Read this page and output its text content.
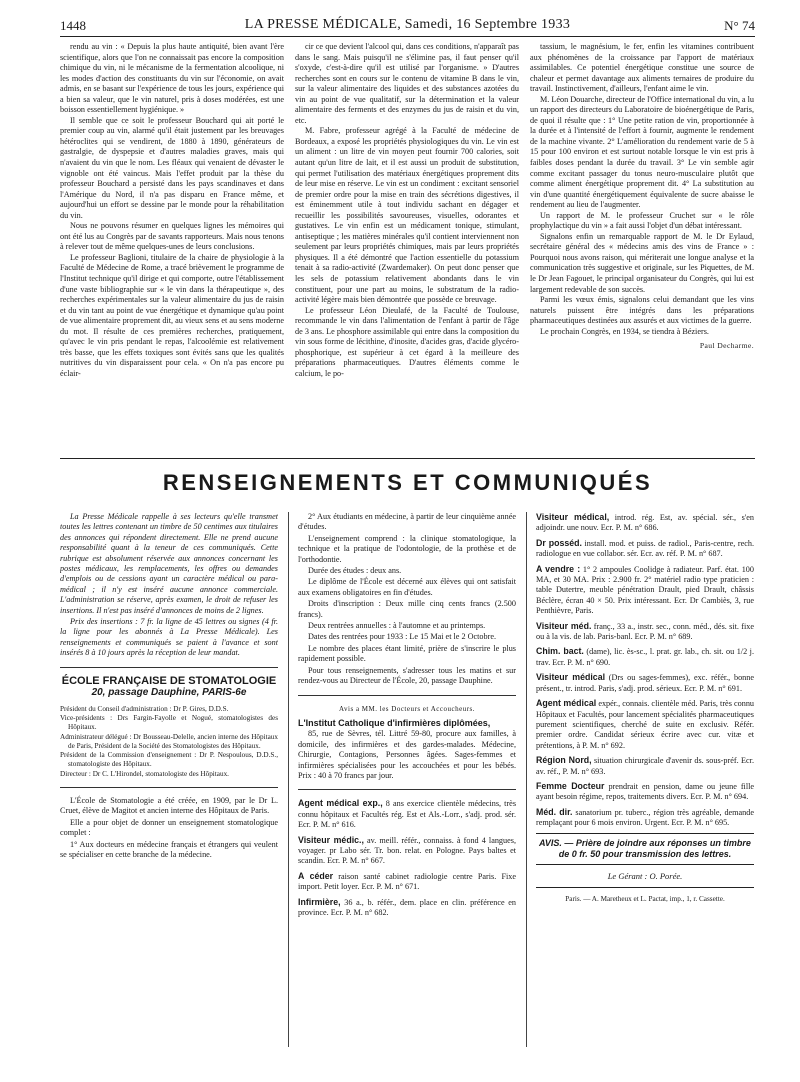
1448	LA PRESSE MÉDICALE, Samedi, 16 Septembre 1933	N° 74

rendu au vin : « Depuis la plus haute antiquité, bien avant l'ère scientifique, alors que l'on ne connaissait pas encore la composition chimique du vin, ni le mécanisme de la fermentation alcoolique, ni les modes d'action des constituants du vin sur l'économie, on avait admis, en se basant sur l'expérience de tous les jours, expérience qui a bien sa valeur, que le vin naturel, pris à doses modérées, est une boisson essentiellement hygiénique. »

Il semble que ce soit le professeur Bouchard qui ait porté le premier coup au vin, alarmé qu'il était justement par les breuvages hétéroclites qui se vendirent, de 1880 à 1890, générateurs de gastralgie, de dyspepsie et d'autres maladies graves, mais qui n'avaient du vin que le nom. Les fléaux qui venaient de dévaster le vignoble ont été vaincus. Mais l'effet produit par la thèse du professeur Bouchard a persisté dans les pays scandinaves et dans l'Amérique du Nord, il n'a pas disparu en France même, et aujourd'hui un effort se dessine par le monde pour la réhabilitation du vin.

Nous ne pouvons résumer en quelques lignes les mémoires qui ont été lus au Congrès par de savants rapporteurs. Mais nous tenons à relever tout de même quelques-unes de leurs conclusions.

Le professeur Baglioni, titulaire de la chaire de physiologie à la Faculté de Médecine de Rome, a tracé brièvement le programme de l'Institut technique qu'il dirige et qui comporte, outre l'établissement d'une vaste bibliographie sur « le vin dans la thérapeutique », des recherches expérimentales sur la valeur alimentaire du jus de raisin et du vin tant au point de vue énergétique et dynamique qu'au point de vue alimentaire proprement dit, au vieux sens et au sens moderne du mot. Il résulte de ces premières recherches, pratiquement, qu'avec le vin pris pendant le repas, l'alcoolémie est relativement très basse, que les effets toxiques sont évités sans que les qualités nutritives du vin disparaissent pour cela. « On n'a pas encore pu éclair-

cir ce que devient l'alcool qui, dans ces conditions, n'apparaît pas dans le sang. Mais puisqu'il ne s'élimine pas, il faut penser qu'il s'oxyde, c'est-à-dire qu'il est utilisé par l'organisme. » D'autres recherches sont en cours sur le contenu de vitamine B dans le vin, sur la valeur alimentaire des liquides et des substances azotées du vin au point de vue qualitatif, sur la détermination et la valeur alimentaire des ferments et des enzymes du jus de raisin et du vin, etc.

M. Fabre, professeur agrégé à la Faculté de médecine de Bordeaux, a exposé les propriétés physiologiques du vin. Le vin est un aliment : un litre de vin moyen peut fournir 700 calories, soit autant qu'un litre de lait, et il est aussi un produit de substitution, qui permet l'utilisation des matériaux énergétiques proprement dits de leur mise en réserve. Le vin est un condiment : excitant sensoriel de premier ordre pour la mise en train des sécrétions digestives, il est éminemment utile à tout individu sachant en dégager et recueillir les possibilités savoureuses, visuelles, odorantes et gustatives. Le vin enfin est un médicament tonique, stimulant, antiseptique ; les matières minérales qu'il contient interviennent non seulement par leurs propriétés chimiques, mais par leurs propriétés physiques. Il a été démontré que l'action essentielle du potassium tenait à sa radio-activité (Zwardemaker). On peut donc penser que les sels de potassium relativement abondants dans le vin constituent, pour une part au moins, le substratum de la radio-activité légère mais bien démontrée que possède ce breuvage.

Le professeur Léon Dieulafé, de la Faculté de Toulouse, recommande le vin dans l'alimentation de l'enfant à partir de l'âge de 3 ans. Le phosphore assimilable qui entre dans la composition du vin sous forme de lécithine, d'inosite, d'acides gras, d'acide glycéro-phosphorique, est supérieur à cet égard à la meilleure des préparations pharmaceutiques. D'autres éléments comme le calcium, le po-

tassium, le magnésium, le fer, enfin les vitamines contribuent aux phénomènes de la croissance par l'apport de matériaux assimilables. Ce potentiel énergétique constitue une source de chaleur et permet davantage aux aliments ternaires de produire du travail. Instinctivement, d'ailleurs, l'enfant aime le vin.

M. Léon Douarche, directeur de l'Office international du vin, a lu un rapport des directeurs du Laboratoire de bioénergétique de Paris, de quoi il résulte que : 1° Une petite ration de vin, proportionnée à la durée et à l'intensité de l'effort à fournir, augmente le rendement de la machine vivante. 2° L'amélioration du rendement varie de 5 à 15 pour 100 environ et est surtout notable lorsque le vin est pris à faibles doses pendant la durée du travail. 3° Le vin semble agir comme excitant passager du tonus neuro-musculaire plutôt que comme aliment énergétique proprement dit. 4° La substitution au vin d'une quantité énergétiquement équivalente de sucre abaisse le rendement au lieu de l'augmenter.

Un rapport de M. le professeur Cruchet sur « le rôle prophylactique du vin » a fait aussi l'objet d'un débat intéressant.

Signalons enfin un remarquable rapport de M. le Dr Eylaud, secrétaire général des « médecins amis des vins de France » : Pourquoi nous avons raison, qui mériterait une longue analyse et la communication très suggestive et originale, sur les Piquettes, de M. le Dr Jean Fagouet, le principal organisateur du Congrès, qui lui est largement redevable de son succès.

Parmi les vœux émis, signalons celui demandant que les vins naturels puissent être intégrés dans les préparations pharmaceutiques destinées aux assurés et aux victimes de la guerre.

Le prochain Congrès, en 1934, se tiendra à Béziers.

Paul Decharme.

RENSEIGNEMENTS ET COMMUNIQUÉS

La Presse Médicale rappelle à ses lecteurs qu'elle transmet toutes les lettres contenant un timbre de 50 centimes aux titulaires des annonces qui répondent directement. Elle ne prend aucune responsabilité quant à la teneur de ces communiqués. Cette rubrique est absolument réservée aux annonces concernant les postes médicaux, les remplacements, les offres ou demandes d'emplois ou de cessions ayant un caractère médical ou para-médical ; il n'y est inséré aucune annonce commerciale. L'administration se réserve, après examen, le droit de refuser les insertions. Il n'est pas inséré d'annonces de moins de 2 lignes.

Prix des insertions : 7 fr. la ligne de 45 lettres ou signes (4 fr. la ligne pour les abonnés à La Presse Médicale). Les renseignements et communiqués se paient à l'avance et sont insérés 8 à 10 jours après la réception de leur mandat.

ÉCOLE FRANÇAISE DE STOMATOLOGIE
20, passage Dauphine, PARIS-6e

Président du Conseil d'administration : Dr P. Gires, D.D.S.

Vice-présidents : Drs Fargin-Fayolle et Nogué, stomatologistes des Hôpitaux.

Administrateur délégué : Dr Bousseau-Delelle, ancien interne des Hôpitaux de Paris, Président de la Société des Stomatologistes des Hôpitaux.

Président de la Commission d'enseignement : Dr P. Nespoulous, D.D.S., stomatologiste des Hôpitaux.

Directeur : Dr C. L'Hirondel, stomatologiste des Hôpitaux.

L'École de Stomatologie a été créée, en 1909, par le Dr L. Cruet, élève de Magitot et ancien interne des Hôpitaux de Paris.

Elle a pour objet de donner un enseignement stomatologique complet :

1° Aux docteurs en médecine français et étrangers qui veulent se spécialiser en cette branche de la médecine.

2° Aux étudiants en médecine, à partir de leur cinquième année d'études.

L'enseignement comprend : la clinique stomatologique, la technique et la pratique de l'odontologie, de la prothèse et de l'orthodontie.

Durée des études : deux ans.

Le diplôme de l'École est décerné aux élèves qui ont satisfait aux examens obligatoires en fin d'études.

Droits d'inscription : Deux mille cinq cents francs (2.500 francs).

Deux rentrées annuelles : à l'automne et au printemps.

Dates des rentrées pour 1933 : Le 15 Mai et le 2 Octobre.

Le nombre des places étant limité, prière de s'inscrire le plus rapidement possible.

Pour tous renseignements, s'adresser tous les matins et sur rendez-vous au Directeur de l'École, 20, passage Dauphine.

Avis a MM. les Docteurs et Accoucheurs.

L'Institut Catholique d'infirmières diplômées,

85, rue de Sèvres, tél. Littré 59-80, procure aux familles, à domicile, des infirmières et des gardes-malades. Médecine, Chirurgie, Contagions, Personnes âgées. Sages-femmes et infirmières spécialisées pour les accouchées et pour les bébés. Prix : 40 à 70 francs par jour.

Agent médical exp., 8 ans exercice clientèle médecins, très connu hôpitaux et Facultés rég. Est et Als.-Lorr., s'adj. prod. sér. Ecr. P. M. n° 616.

Visiteur médic., av. meill. référ., connaiss. à fond 4 langues, voyager. pr Labo sér. Tr. bon. relat. en Pologne. Pays baltes et scandin. Ecr. P. M. n° 667.

A céder raison santé cabinet radiologie centre Paris. Fixe import. Petit loyer. Ecr. P. M. n° 671.

Infirmière, 36 a., b. référ., dem. place en clin. préférence en province. Ecr. P. M. n° 682.

Visiteur médical, introd. rég. Est, av. spécial. sér., s'en adjoindr. une nouv. Ecr. P. M. n° 686.

Dr posséd. install. mod. et puiss. de radiol., Paris-centre, rech. radiologue en vue collabor. sér. Ecr. av. réf. P. M. n° 687.

A vendre : 1° 2 ampoules Coolidge à radiateur. Parf. état. 100 MA, et 30 MA. Prix : 2.900 fr. 2° matériel radio type praticien : table Dutertre, meuble pénétration Drault, pied Drault, châssis Béclère, écran 40 × 50. Prix intéressant. Ecr. Dr Cambiès, 3, rue Penthièvre, Paris.

Visiteur méd. franç., 33 a., instr. sec., conn. méd., dés. sit. fixe ou à la vis. de lab. Paris-banl. Ecr. P. M. n° 689.

Chim. bact. (dame), lic. ès-sc., l. prat. gr. lab., ch. sit. ou 1/2 j. trav. Ecr. P. M. n° 690.

Visiteur médical (Drs ou sages-femmes), exc. référ., bonne présent., tr. introd. Paris, s'adj. prod. sérieux. Ecr. P. M. n° 691.

Agent médical expér., connais. clientèle méd. Paris, très connu Hôpitaux et Facultés, pour lancement spécialités pharmaceutiques purement scientifiques, cherché de suite en exclusiv. Référ. premier ordre. Candidat sérieux écrire avec cur. vitæ et prétentions, à P. M. n° 692.

Région Nord, situation chirurgicale d'avenir ds. sous-préf. Ecr. av. réf., P. M. n° 693.

Femme Docteur prendrait en pension, dame ou jeune fille ayant besoin régime, repos, traitements divers. Ecr. P. M. n° 694.

Méd. dir. sanatorium pr. tuberc., région très agréable, demande remplaçant pour 6 mois environ. Urgent. Ecr. P. M. n° 695.

AVIS. — Prière de joindre aux réponses un timbre de 0 fr. 50 pour transmission des lettres.
Le Gérant : O. Porée.
Paris. — A. Maretheux et L. Pactat, imp., 1, r. Cassette.
